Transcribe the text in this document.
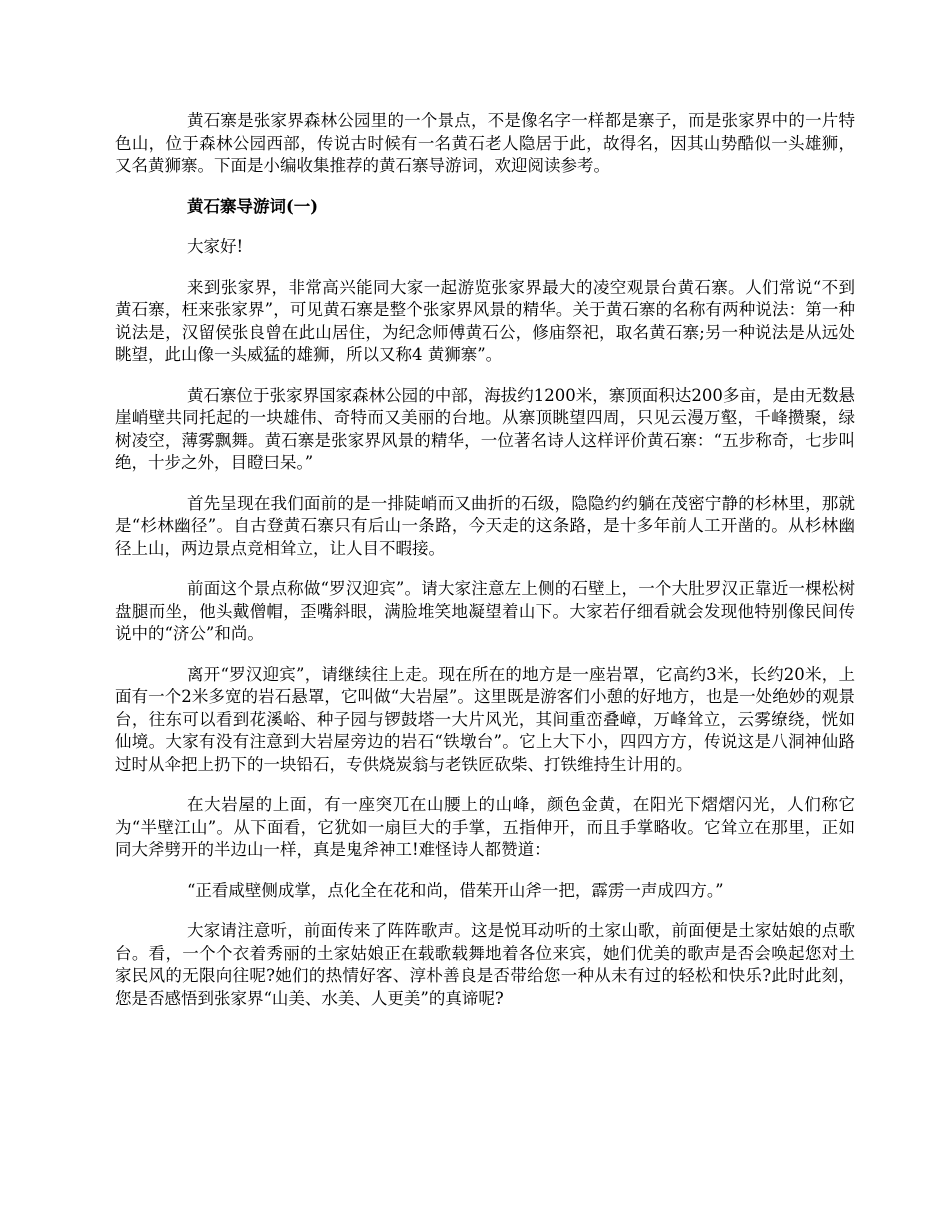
黄石寨是张家界森林公园里的一个景点，不是像名字一样都是寨子，而是张家界中的一片特色山，位于森林公园西部，传说古时候有一名黄石老人隐居于此，故得名，因其山势酷似一头雄狮，又名黄狮寨。下面是小编收集推荐的黄石寨导游词，欢迎阅读参考。

黄石寨导游词(一)

大家好!

来到张家界，非常高兴能同大家一起游览张家界最大的凌空观景台黄石寨。人们常说“不到黄石寨，枉来张家界”，可见黄石寨是整个张家界风景的精华。关于黄石寨的名称有两种说法：第一种说法是，汉留侯张良曾在此山居住，为纪念师傅黄石公，修庙祭祀，取名黄石寨;另一种说法是从远处眺望，此山像一头威猛的雄狮，所以又称4 黄狮寨”。

黄石寨位于张家界国家森林公园的中部，海拔约1200米，寨顶面积达200多亩，是由无数悬崖峭壁共同托起的一块雄伟、奇特而又美丽的台地。从寨顶眺望四周，只见云漫万壑，千峰攒聚，绿树凌空，薄雾飘舞。黄石寨是张家界风景的精华，一位著名诗人这样评价黄石寨：“五步称奇，七步叫绝，十步之外，目瞪曰呆。”

首先呈现在我们面前的是一排陡峭而又曲折的石级，隐隐约约躺在茂密宁静的杉林里，那就是“杉林幽径”。自古登黄石寨只有后山一条路，今天走的这条路，是十多年前人工开凿的。从杉林幽径上山，两边景点竞相耸立，让人目不暇接。

前面这个景点称做“罗汉迎宾”。请大家注意左上侧的石壁上，一个大肚罗汉正靠近一棵松树盘腿而坐，他头戴僧帽，歪嘴斜眼，满脸堆笑地凝望着山下。大家若仔细看就会发现他特别像民间传说中的“济公”和尚。

离开“罗汉迎宾”，请继续往上走。现在所在的地方是一座岩罩，它高约3米，长约20米，上面有一个2米多宽的岩石悬罩，它叫做“大岩屋”。这里既是游客们小憩的好地方，也是一处绝妙的观景台，往东可以看到花溪峪、种子园与锣鼓塔一大片风光，其间重峦叠嶂，万峰耸立，云雾缭绕，恍如仙境。大家有没有注意到大岩屋旁边的岩石“铁墩台”。它上大下小，四四方方，传说这是八洞神仙路过时从伞把上扔下的一块铅石，专供烧炭翁与老铁匠砍柴、打铁维持生计用的。

在大岩屋的上面，有一座突兀在山腰上的山峰，颜色金黄，在阳光下熠熠闪光，人们称它为“半壁江山”。从下面看，它犹如一扇巨大的手掌，五指伸开，而且手掌略收。它耸立在那里，正如同大斧劈开的半边山一样，真是鬼斧神工!难怪诗人都赞道：

“正看咸壁侧成掌，点化全在花和尚，借茱开山斧一把，霹雳一声成四方。”

大家请注意听，前面传来了阵阵歌声。这是悦耳动听的土家山歌，前面便是土家姑娘的点歌台。看，一个个衣着秀丽的土家姑娘正在载歌载舞地着各位来宾，她们优美的歌声是否会唤起您对土家民风的无限向往呢?她们的热情好客、淳朴善良是否带给您一种从未有过的轻松和快乐?此时此刻，您是否感悟到张家界“山美、水美、人更美”的真谛呢?
